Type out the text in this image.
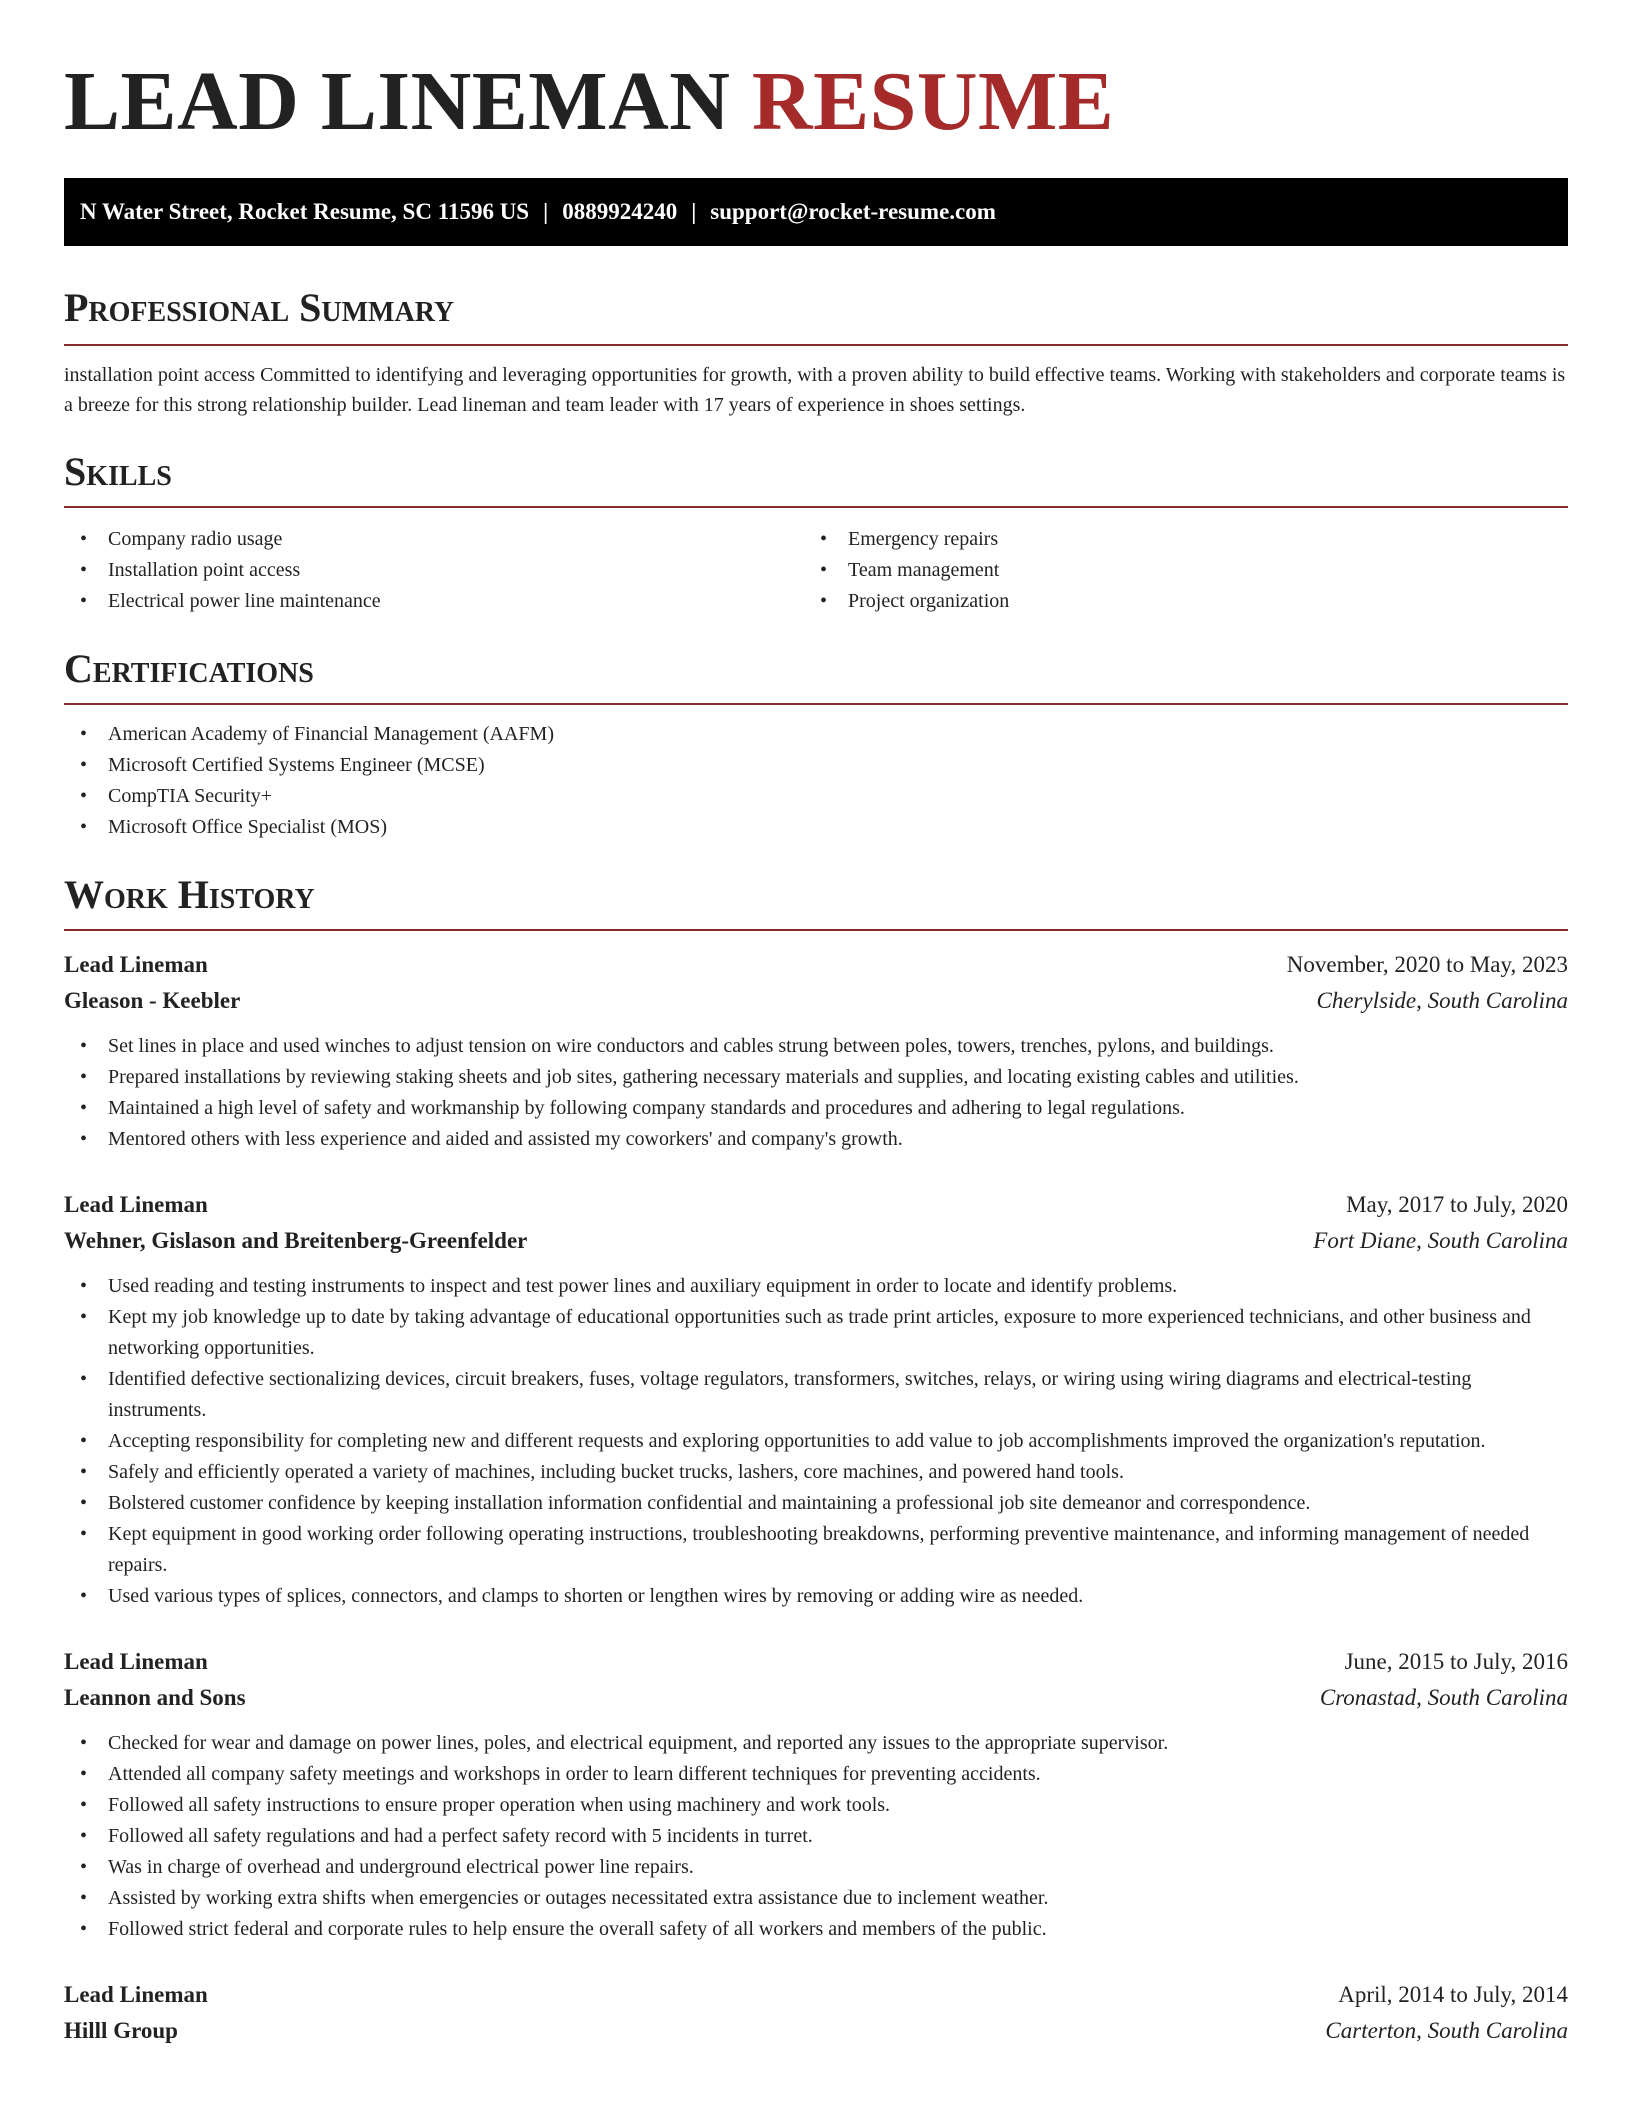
LEAD LINEMAN RESUME
N Water Street, Rocket Resume, SC 11596 US | 0889924240 | support@rocket-resume.com
Professional Summary

installation point access Committed to identifying and leveraging opportunities for growth, with a proven ability to build effective teams. Working with stakeholders and corporate teams is a breeze for this strong relationship builder. Lead lineman and team leader with 17 years of experience in shoes settings.

Skills
• Company radio usage
• Installation point access
• Electrical power line maintenance
• Emergency repairs
• Team management
• Project organization
Certifications
• American Academy of Financial Management (AAFM)
• Microsoft Certified Systems Engineer (MCSE)
• CompTIA Security+
• Microsoft Office Specialist (MOS)
Work History
Lead Lineman	November, 2020 to May, 2023
Gleason - Keebler	Cherylside, South Carolina
• Set lines in place and used winches to adjust tension on wire conductors and cables strung between poles, towers, trenches, pylons, and buildings.
• Prepared installations by reviewing staking sheets and job sites, gathering necessary materials and supplies, and locating existing cables and utilities.
• Maintained a high level of safety and workmanship by following company standards and procedures and adhering to legal regulations.
• Mentored others with less experience and aided and assisted my coworkers' and company's growth.
Lead Lineman	May, 2017 to July, 2020
Wehner, Gislason and Breitenberg-Greenfelder	Fort Diane, South Carolina
• Used reading and testing instruments to inspect and test power lines and auxiliary equipment in order to locate and identify problems.
• Kept my job knowledge up to date by taking advantage of educational opportunities such as trade print articles, exposure to more experienced technicians, and other business and networking opportunities.
• Identified defective sectionalizing devices, circuit breakers, fuses, voltage regulators, transformers, switches, relays, or wiring using wiring diagrams and electrical-testing instruments.
• Accepting responsibility for completing new and different requests and exploring opportunities to add value to job accomplishments improved the organization's reputation.
• Safely and efficiently operated a variety of machines, including bucket trucks, lashers, core machines, and powered hand tools.
• Bolstered customer confidence by keeping installation information confidential and maintaining a professional job site demeanor and correspondence.
• Kept equipment in good working order following operating instructions, troubleshooting breakdowns, performing preventive maintenance, and informing management of needed repairs.
• Used various types of splices, connectors, and clamps to shorten or lengthen wires by removing or adding wire as needed.
Lead Lineman	June, 2015 to July, 2016
Leannon and Sons	Cronastad, South Carolina
• Checked for wear and damage on power lines, poles, and electrical equipment, and reported any issues to the appropriate supervisor.
• Attended all company safety meetings and workshops in order to learn different techniques for preventing accidents.
• Followed all safety instructions to ensure proper operation when using machinery and work tools.
• Followed all safety regulations and had a perfect safety record with 5 incidents in turret.
• Was in charge of overhead and underground electrical power line repairs.
• Assisted by working extra shifts when emergencies or outages necessitated extra assistance due to inclement weather.
• Followed strict federal and corporate rules to help ensure the overall safety of all workers and members of the public.
Lead Lineman	April, 2014 to July, 2014
Hilll Group	Carterton, South Carolina
